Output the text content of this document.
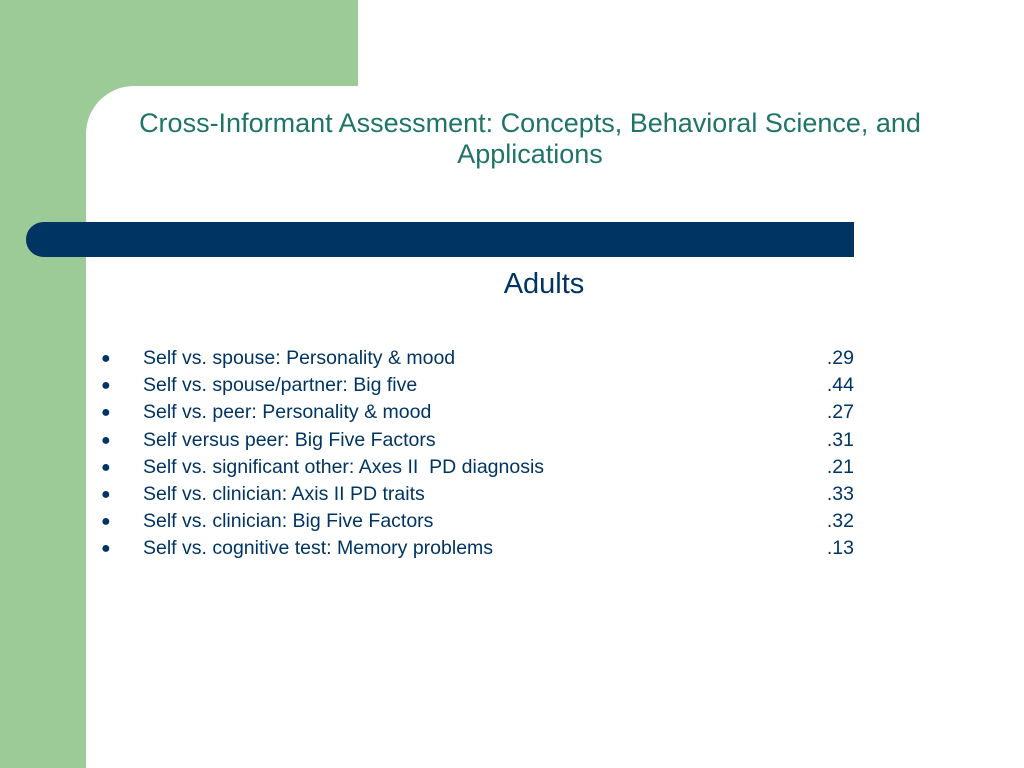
Cross-Informant Assessment: Concepts, Behavioral Science, and Applications
Adults
● Self vs. spouse: Personality & mood	.29
● Self vs. spouse/partner: Big five	.44
● Self vs. peer: Personality & mood	.27
● Self versus peer: Big Five Factors	.31
● Self vs. significant other: Axes II  PD diagnosis	.21
● Self vs. clinician: Axis II PD traits	.33
● Self vs. clinician: Big Five Factors	.32
● Self vs. cognitive test: Memory problems	.13
